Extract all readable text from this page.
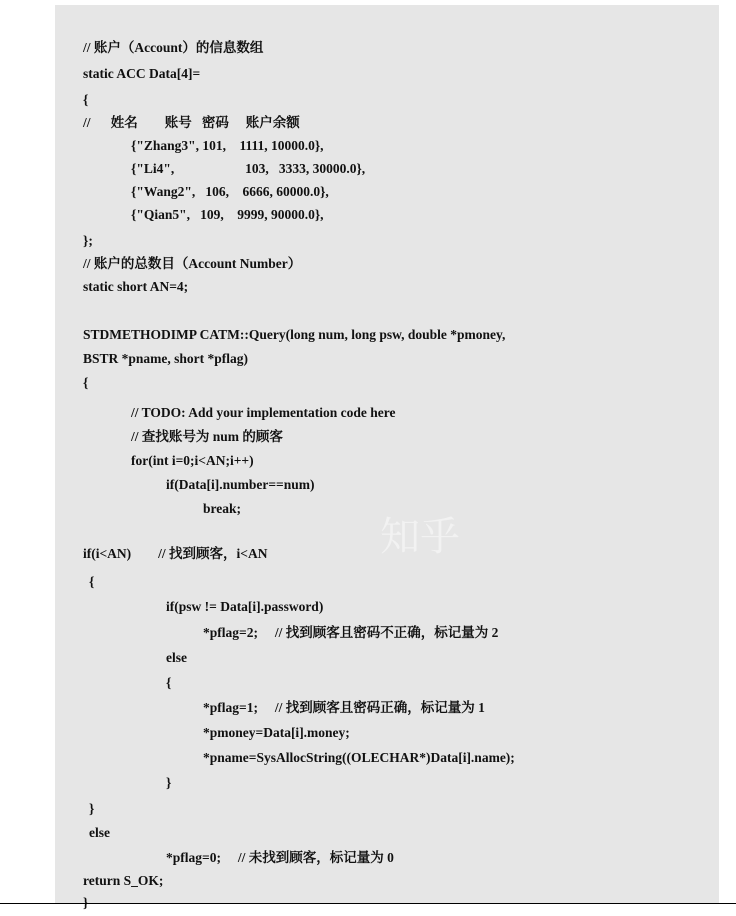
知乎
// 账户（Account）的信息数组
static ACC Data[4]=
{
//      姓名        账号   密码     账户余额
{"Zhang3", 101,    1111, 10000.0},
{"Li4",                     103,   3333, 30000.0},
{"Wang2",   106,    6666, 60000.0},
{"Qian5",   109,    9999, 90000.0},
};
// 账户的总数目（Account Number）
static short AN=4;
STDMETHODIMP CATM::Query(long num, long psw, double *pmoney,
BSTR *pname, short *pflag)
{
// TODO: Add your implementation code here
// 查找账号为 num 的顾客
for(int i=0;i<AN;i++)
if(Data[i].number==num)
break;
if(i<AN)        // 找到顾客，i<AN
{
if(psw != Data[i].password)
*pflag=2;     // 找到顾客且密码不正确，标记量为 2
else
{
*pflag=1;     // 找到顾客且密码正确，标记量为 1
*pmoney=Data[i].money;
*pname=SysAllocString((OLECHAR*)Data[i].name);
}
}
else
*pflag=0;     // 未找到顾客，标记量为 0
return S_OK;
